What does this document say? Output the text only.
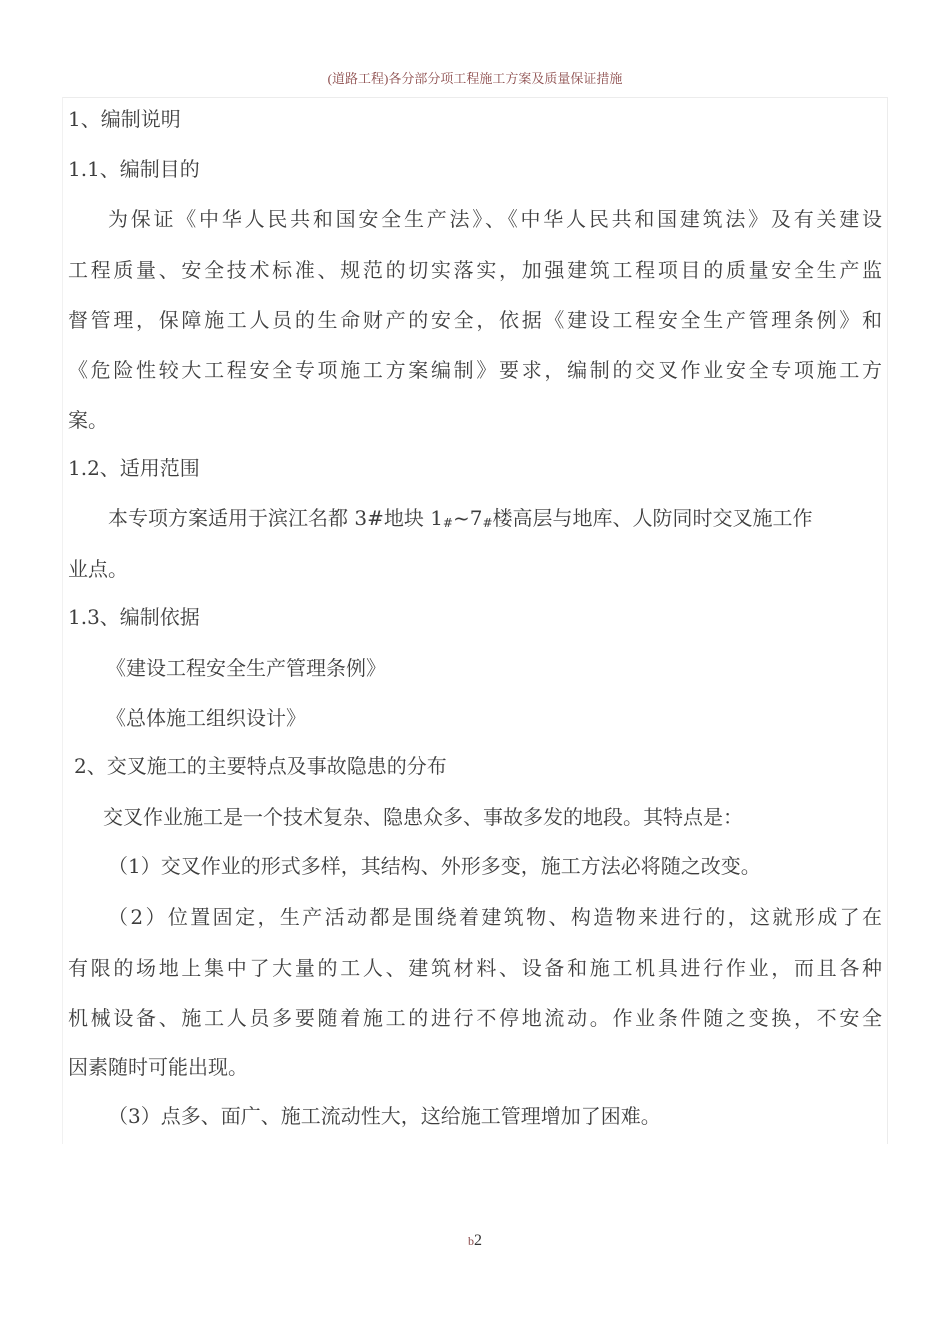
(道路工程)各分部分项工程施工方案及质量保证措施
1、编制说明
1.1、编制目的
为保证《中华人民共和国安全生产法》、《中华人民共和国建筑法》及有关建设
工程质量、安全技术标准、规范的切实落实，加强建筑工程项目的质量安全生产监
督管理，保障施工人员的生命财产的安全，依据《建设工程安全生产管理条例》和
《危险性较大工程安全专项施工方案编制》要求，编制的交叉作业安全专项施工方
案。
1.2、适用范围
本专项方案适用于滨江名都 3#地块 1#~7#楼高层与地库、人防同时交叉施工作
业点。
1.3、编制依据
《建设工程安全生产管理条例》
《总体施工组织设计》
2、交叉施工的主要特点及事故隐患的分布
交叉作业施工是一个技术复杂、隐患众多、事故多发的地段。其特点是：
（1）交叉作业的形式多样，其结构、外形多变，施工方法必将随之改变。
（2）位置固定，生产活动都是围绕着建筑物、构造物来进行的，这就形成了在
有限的场地上集中了大量的工人、建筑材料、设备和施工机具进行作业，而且各种
机械设备、施工人员多要随着施工的进行不停地流动。作业条件随之变换，不安全
因素随时可能出现。
（3）点多、面广、施工流动性大，这给施工管理增加了困难。
b2
